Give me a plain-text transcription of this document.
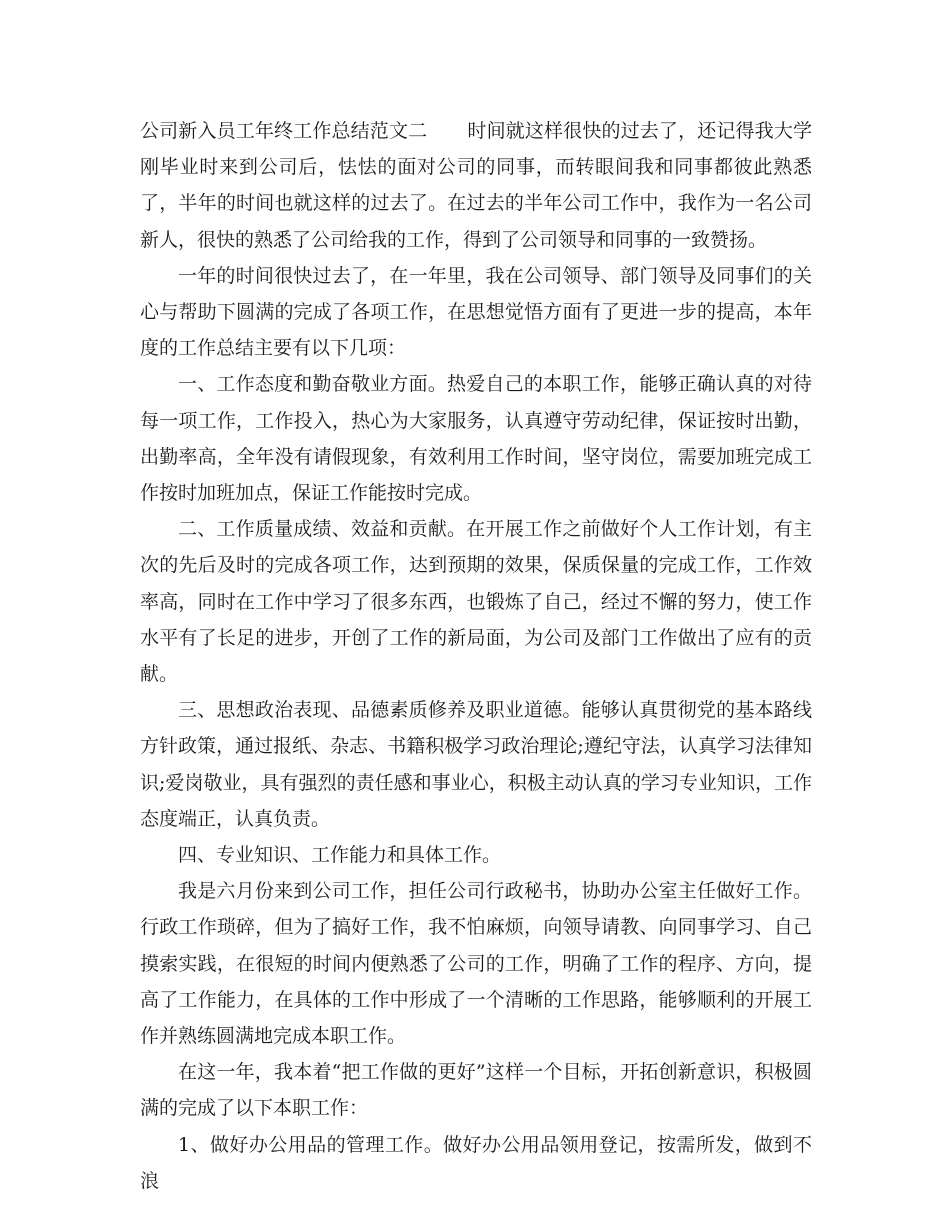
公司新入员工年终工作总结范文二 时间就这样很快的过去了，还记得我大学刚毕业时来到公司后，怯怯的面对公司的同事，而转眼间我和同事都彼此熟悉了，半年的时间也就这样的过去了。在过去的半年公司工作中，我作为一名公司新人，很快的熟悉了公司给我的工作，得到了公司领导和同事的一致赞扬。

一年的时间很快过去了，在一年里，我在公司领导、部门领导及同事们的关心与帮助下圆满的完成了各项工作，在思想觉悟方面有了更进一步的提高，本年度的工作总结主要有以下几项：

一、工作态度和勤奋敬业方面。热爱自己的本职工作，能够正确认真的对待每一项工作，工作投入，热心为大家服务，认真遵守劳动纪律，保证按时出勤，出勤率高，全年没有请假现象，有效利用工作时间，坚守岗位，需要加班完成工作按时加班加点，保证工作能按时完成。

二、工作质量成绩、效益和贡献。在开展工作之前做好个人工作计划，有主次的先后及时的完成各项工作，达到预期的效果，保质保量的完成工作，工作效率高，同时在工作中学习了很多东西，也锻炼了自己，经过不懈的努力，使工作水平有了长足的进步，开创了工作的新局面，为公司及部门工作做出了应有的贡献。

三、思想政治表现、品德素质修养及职业道德。能够认真贯彻党的基本路线方针政策，通过报纸、杂志、书籍积极学习政治理论;遵纪守法，认真学习法律知识;爱岗敬业，具有强烈的责任感和事业心，积极主动认真的学习专业知识，工作态度端正，认真负责。

四、专业知识、工作能力和具体工作。

我是六月份来到公司工作，担任公司行政秘书，协助办公室主任做好工作。行政工作琐碎，但为了搞好工作，我不怕麻烦，向领导请教、向同事学习、自己摸索实践，在很短的时间内便熟悉了公司的工作，明确了工作的程序、方向，提高了工作能力，在具体的工作中形成了一个清晰的工作思路，能够顺利的开展工作并熟练圆满地完成本职工作。

在这一年，我本着“把工作做的更好”这样一个目标，开拓创新意识，积极圆满的完成了以下本职工作：

1、做好办公用品的管理工作。做好办公用品领用登记，按需所发，做到不浪
